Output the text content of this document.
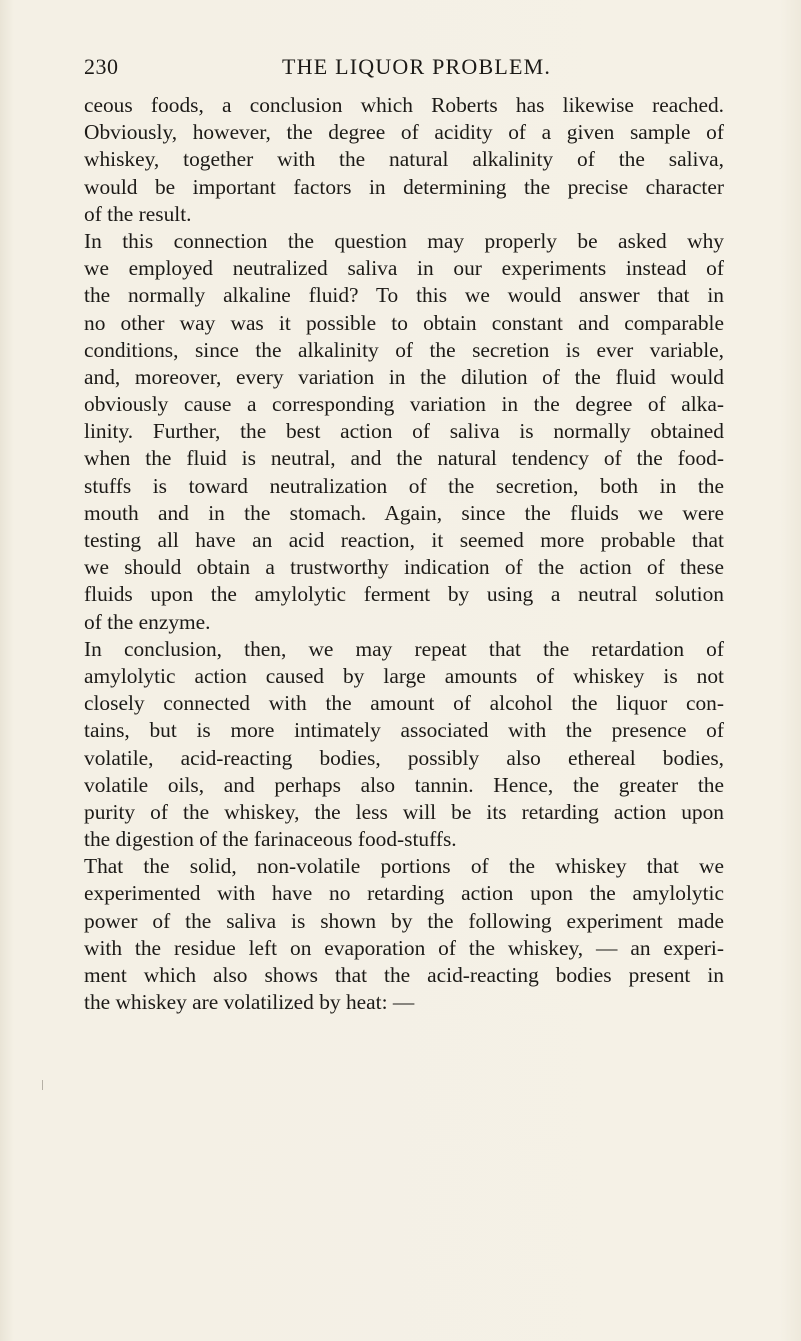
230	THE LIQUOR PROBLEM.
ceous foods, a conclusion which Roberts has likewise reached.
Obviously, however, the degree of acidity of a given sample of
whiskey, together with the natural alkalinity of the saliva,
would be important factors in determining the precise character
of the result.
In this connection the question may properly be asked why
we employed neutralized saliva in our experiments instead of
the normally alkaline fluid? To this we would answer that in
no other way was it possible to obtain constant and comparable
conditions, since the alkalinity of the secretion is ever variable,
and, moreover, every variation in the dilution of the fluid would
obviously cause a corresponding variation in the degree of alka-
linity. Further, the best action of saliva is normally obtained
when the fluid is neutral, and the natural tendency of the food-
stuffs is toward neutralization of the secretion, both in the
mouth and in the stomach. Again, since the fluids we were
testing all have an acid reaction, it seemed more probable that
we should obtain a trustworthy indication of the action of these
fluids upon the amylolytic ferment by using a neutral solution
of the enzyme.
In conclusion, then, we may repeat that the retardation of
amylolytic action caused by large amounts of whiskey is not
closely connected with the amount of alcohol the liquor con-
tains, but is more intimately associated with the presence of
volatile, acid-reacting bodies, possibly also ethereal bodies,
volatile oils, and perhaps also tannin. Hence, the greater the
purity of the whiskey, the less will be its retarding action upon
the digestion of the farinaceous food-stuffs.
That the solid, non-volatile portions of the whiskey that we
experimented with have no retarding action upon the amylolytic
power of the saliva is shown by the following experiment made
with the residue left on evaporation of the whiskey, — an experi-
ment which also shows that the acid-reacting bodies present in
the whiskey are volatilized by heat: —
